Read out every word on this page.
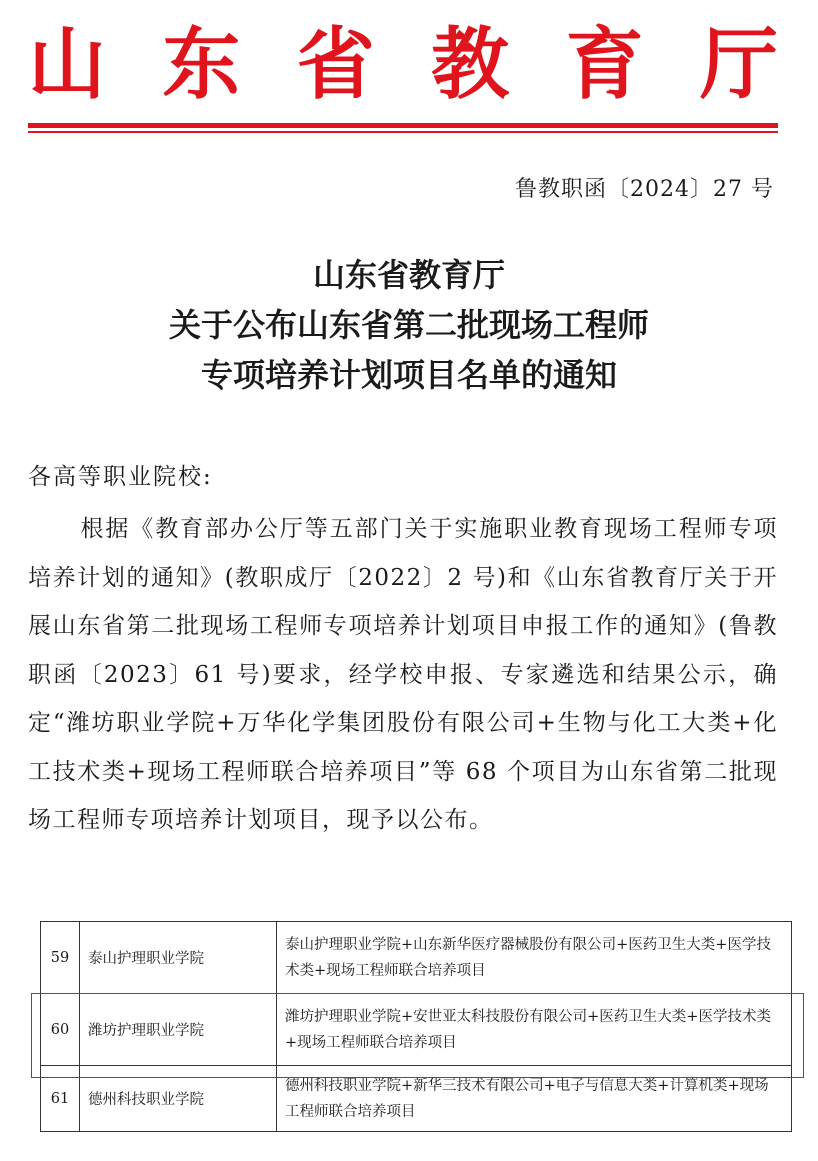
山 东 省 教 育 厅
鲁教职函〔2024〕27 号
山东省教育厅
关于公布山东省第二批现场工程师
专项培养计划项目名单的通知
各高等职业院校:
根据《教育部办公厅等五部门关于实施职业教育现场工程师专项培养计划的通知》(教职成厅〔2022〕2 号)和《山东省教育厅关于开展山东省第二批现场工程师专项培养计划项目申报工作的通知》(鲁教职函〔2023〕61 号)要求，经学校申报、专家遴选和结果公示，确定“潍坊职业学院+万华化学集团股份有限公司+生物与化工大类+化工技术类+现场工程师联合培养项目”等 68 个项目为山东省第二批现场工程师专项培养计划项目，现予以公布。
59	泰山护理职业学院	泰山护理职业学院+山东新华医疗器械股份有限公司+医药卫生大类+医学技术类+现场工程师联合培养项目
60	潍坊护理职业学院	潍坊护理职业学院+安世亚太科技股份有限公司+医药卫生大类+医学技术类+现场工程师联合培养项目
61	德州科技职业学院	德州科技职业学院+新华三技术有限公司+电子与信息大类+计算机类+现场工程师联合培养项目
